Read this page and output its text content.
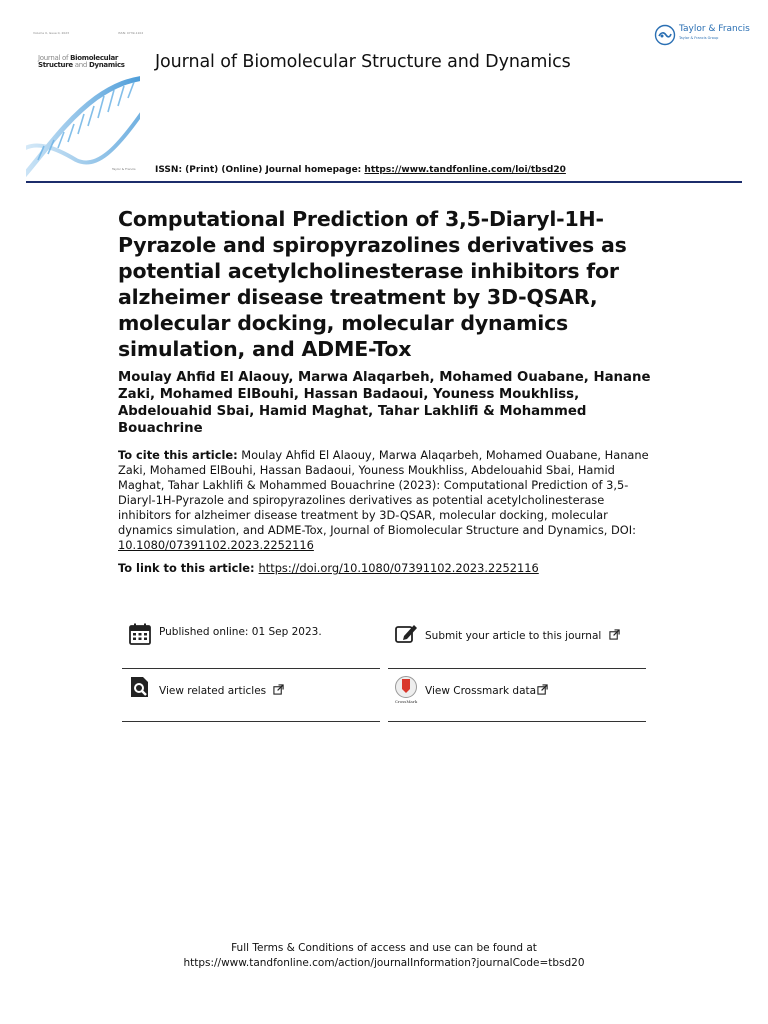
Volume 0, Issue 0, 2023	ISSN: 0739-1102
Journal of Biomolecular
Structure and Dynamics Journal of Biomolecular Structure and Dynamics
Taylor & Francis
Taylor & Francis Group
Taylor & Francis ISSN: (Print) (Online) Journal homepage: https://www.tandfonline.com/loi/tbsd20
Computational Prediction of 3,5-Diaryl-1H-Pyrazole and spiropyrazolines derivatives as potential acetylcholinesterase inhibitors for alzheimer disease treatment by 3D-QSAR, molecular docking, molecular dynamics simulation, and ADME-Tox
Moulay Ahfid El Alaouy, Marwa Alaqarbeh, Mohamed Ouabane, Hanane Zaki, Mohamed ElBouhi, Hassan Badaoui, Youness Moukhliss, Abdelouahid Sbai, Hamid Maghat, Tahar Lakhlifi & Mohammed Bouachrine
To cite this article: Moulay Ahfid El Alaouy, Marwa Alaqarbeh, Mohamed Ouabane, Hanane Zaki, Mohamed ElBouhi, Hassan Badaoui, Youness Moukhliss, Abdelouahid Sbai, Hamid Maghat, Tahar Lakhlifi & Mohammed Bouachrine (2023): Computational Prediction of 3,5-Diaryl-1H-Pyrazole and spiropyrazolines derivatives as potential acetylcholinesterase inhibitors for alzheimer disease treatment by 3D-QSAR, molecular docking, molecular dynamics simulation, and ADME-Tox, Journal of Biomolecular Structure and Dynamics, DOI: 10.1080/07391102.2023.2252116
To link to this article: https://doi.org/10.1080/07391102.2023.2252116
Published online: 01 Sep 2023.	Submit your article to this journal
View related articles
CrossMark
View Crossmark data
Full Terms & Conditions of access and use can be found at
https://www.tandfonline.com/action/journalInformation?journalCode=tbsd20
